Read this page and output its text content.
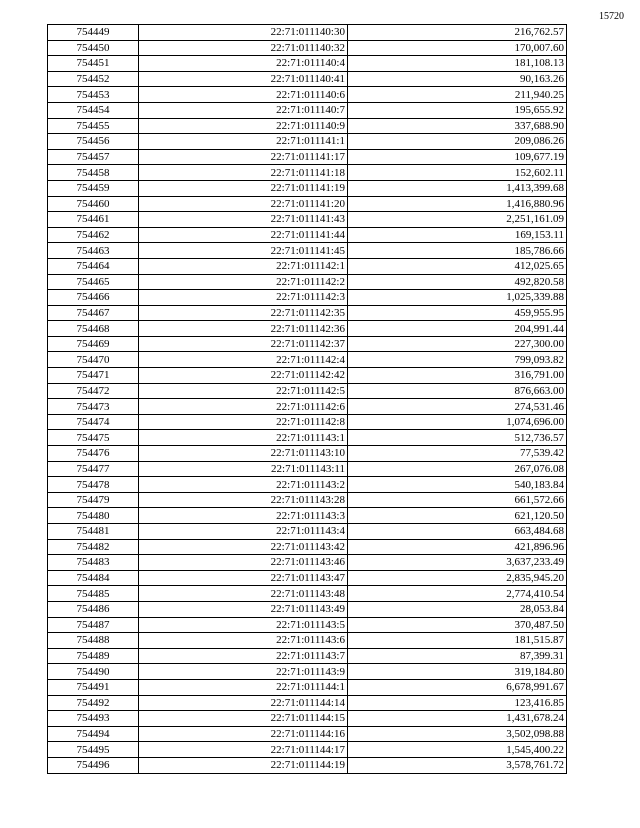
15720
754449	22:71:011140:30	216,762.57
754450	22:71:011140:32	170,007.60
754451	22:71:011140:4	181,108.13
754452	22:71:011140:41	90,163.26
754453	22:71:011140:6	211,940.25
754454	22:71:011140:7	195,655.92
754455	22:71:011140:9	337,688.90
754456	22:71:011141:1	209,086.26
754457	22:71:011141:17	109,677.19
754458	22:71:011141:18	152,602.11
754459	22:71:011141:19	1,413,399.68
754460	22:71:011141:20	1,416,880.96
754461	22:71:011141:43	2,251,161.09
754462	22:71:011141:44	169,153.11
754463	22:71:011141:45	185,786.66
754464	22:71:011142:1	412,025.65
754465	22:71:011142:2	492,820.58
754466	22:71:011142:3	1,025,339.88
754467	22:71:011142:35	459,955.95
754468	22:71:011142:36	204,991.44
754469	22:71:011142:37	227,300.00
754470	22:71:011142:4	799,093.82
754471	22:71:011142:42	316,791.00
754472	22:71:011142:5	876,663.00
754473	22:71:011142:6	274,531.46
754474	22:71:011142:8	1,074,696.00
754475	22:71:011143:1	512,736.57
754476	22:71:011143:10	77,539.42
754477	22:71:011143:11	267,076.08
754478	22:71:011143:2	540,183.84
754479	22:71:011143:28	661,572.66
754480	22:71:011143:3	621,120.50
754481	22:71:011143:4	663,484.68
754482	22:71:011143:42	421,896.96
754483	22:71:011143:46	3,637,233.49
754484	22:71:011143:47	2,835,945.20
754485	22:71:011143:48	2,774,410.54
754486	22:71:011143:49	28,053.84
754487	22:71:011143:5	370,487.50
754488	22:71:011143:6	181,515.87
754489	22:71:011143:7	87,399.31
754490	22:71:011143:9	319,184.80
754491	22:71:011144:1	6,678,991.67
754492	22:71:011144:14	123,416.85
754493	22:71:011144:15	1,431,678.24
754494	22:71:011144:16	3,502,098.88
754495	22:71:011144:17	1,545,400.22
754496	22:71:011144:19	3,578,761.72
